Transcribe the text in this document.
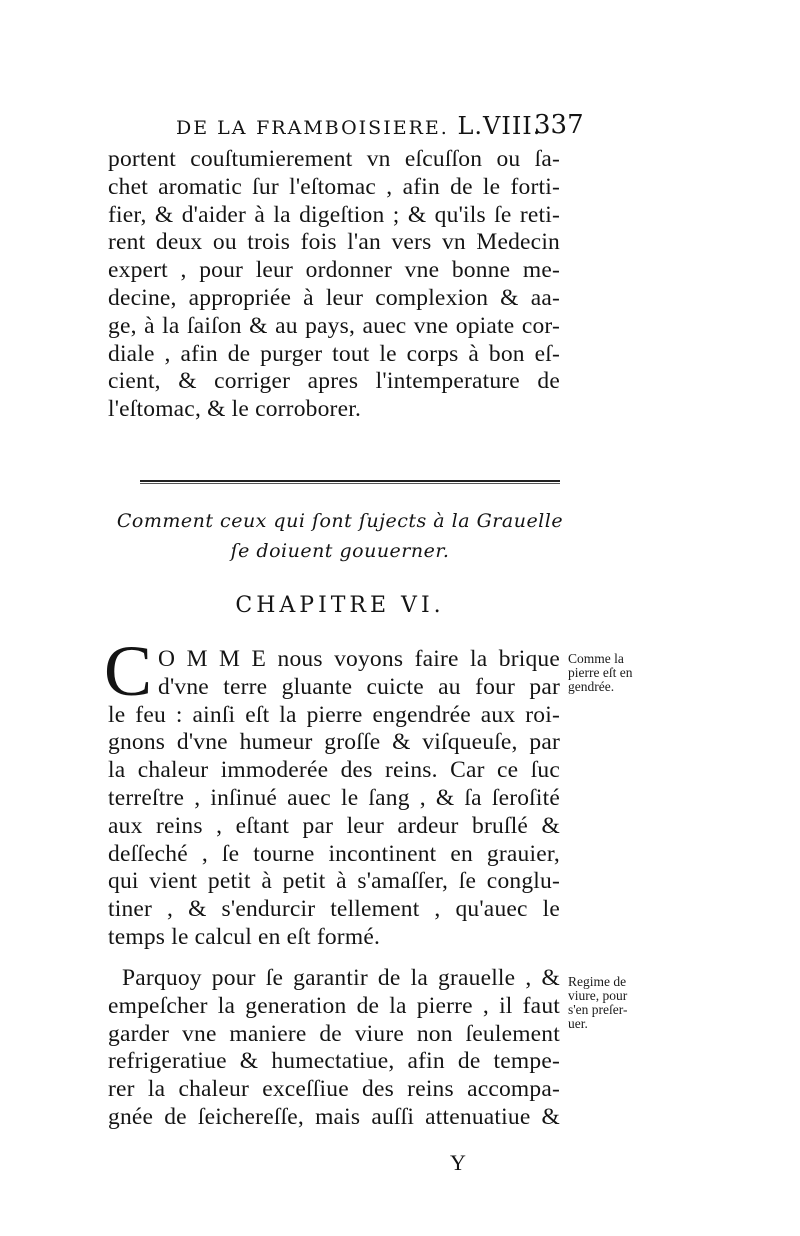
DE LA FRAMBOISIERE. L.VIII.
337
portent couſtumierement vn eſcuſſon ou ſa-
chet aromatic ſur l'eſtomac , afin de le forti-
fier, & d'aider à la digeſtion ; & qu'ils ſe reti-
rent deux ou trois fois l'an vers vn Medecin
expert , pour leur ordonner vne bonne me-
decine, appropriée à leur complexion & aa-
ge, à la ſaiſon & au pays, auec vne opiate cor-
diale , afin de purger tout le corps à bon eſ-
cient, & corriger apres l'intemperature de
l'eſtomac, & le corroborer.
Comment ceux qui ſont ſujects à la Grauelle
ſe doiuent gouuerner.
CHAPITRE VI.
C O M M E nous voyons faire la brique
d'vne terre gluante cuicte au four par
le feu : ainſi eſt la pierre engendrée aux roi-
gnons d'vne humeur groſſe & viſqueuſe, par
la chaleur immoderée des reins. Car ce ſuc
terreſtre , inſinué auec le ſang , & ſa ſeroſité
aux reins , eſtant par leur ardeur bruſlé &
deſſeché , ſe tourne incontinent en grauier,
qui vient petit à petit à s'amaſſer, ſe conglu-
tiner , & s'endurcir tellement , qu'auec le
temps le calcul en eſt formé.
Parquoy pour ſe garantir de la grauelle , &
empeſcher la generation de la pierre , il faut
garder vne maniere de viure non ſeulement
refrigeratiue & humectatiue, afin de tempe-
rer la chaleur exceſſiue des reins accompa-
gnée de ſeichereſſe, mais auſſi attenuatiue &
Comme la
pierre eſt en
gendrée.
Regime de
viure, pour
s'en preſer-
uer.
Y
